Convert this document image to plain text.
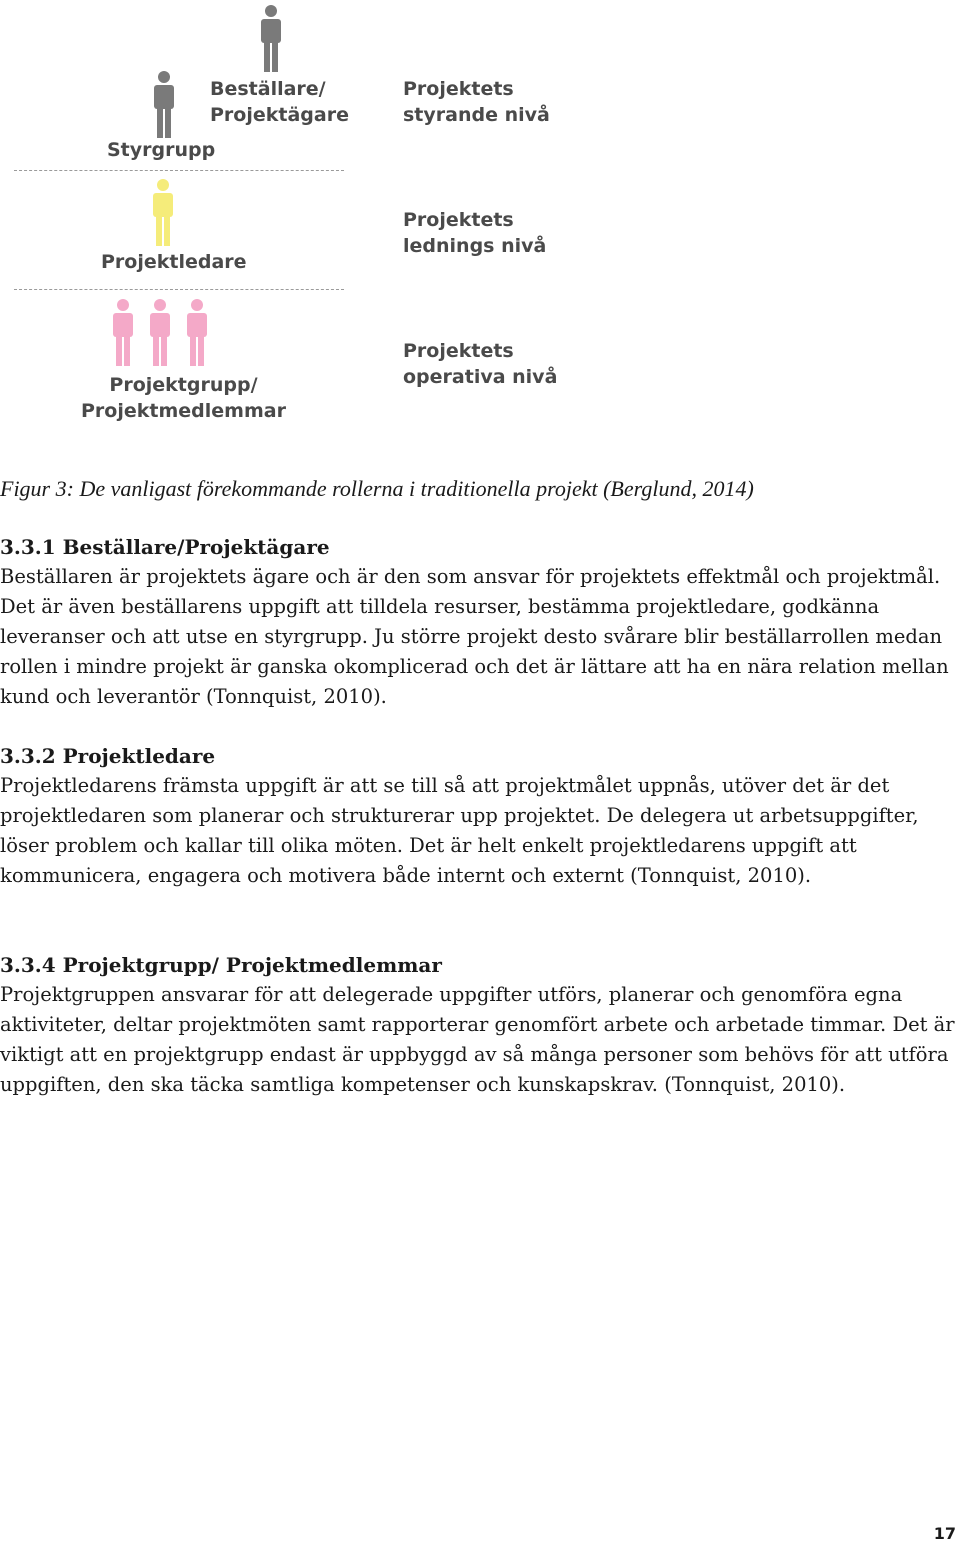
Beställare/
Projektägare
Styrgrupp
Projektets
styrande nivå
Projektledare
Projektets
lednings nivå
Projektgrupp/
Projektmedlemmar
Projektets
operativa nivå
Figur 3: De vanligast förekommande rollerna i traditionella projekt (Berglund, 2014)
3.3.1 Beställare/Projektägare

Beställaren är projektets ägare och är den som ansvar för projektets effektmål och projektmål. Det är även beställarens uppgift att tilldela resurser, bestämma projektledare, godkänna leveranser och att utse en styrgrupp. Ju större projekt desto svårare blir beställarrollen medan rollen i mindre projekt är ganska okomplicerad och det är lättare att ha en nära relation mellan kund och leverantör (Tonnquist, 2010).

3.3.2 Projektledare

Projektledarens främsta uppgift är att se till så att projektmålet uppnås, utöver det är det projektledaren som planerar och strukturerar upp projektet. De delegera ut arbetsuppgifter, löser problem och kallar till olika möten. Det är helt enkelt projektledarens uppgift att kommunicera, engagera och motivera både internt och externt (Tonnquist, 2010).

3.3.4 Projektgrupp/ Projektmedlemmar

Projektgruppen ansvarar för att delegerade uppgifter utförs, planerar och genomföra egna aktiviteter, deltar projektmöten samt rapporterar genomfört arbete och arbetade timmar. Det är viktigt att en projektgrupp endast är uppbyggd av så många personer som behövs för att utföra uppgiften, den ska täcka samtliga kompetenser och kunskapskrav. (Tonnquist, 2010).

17
